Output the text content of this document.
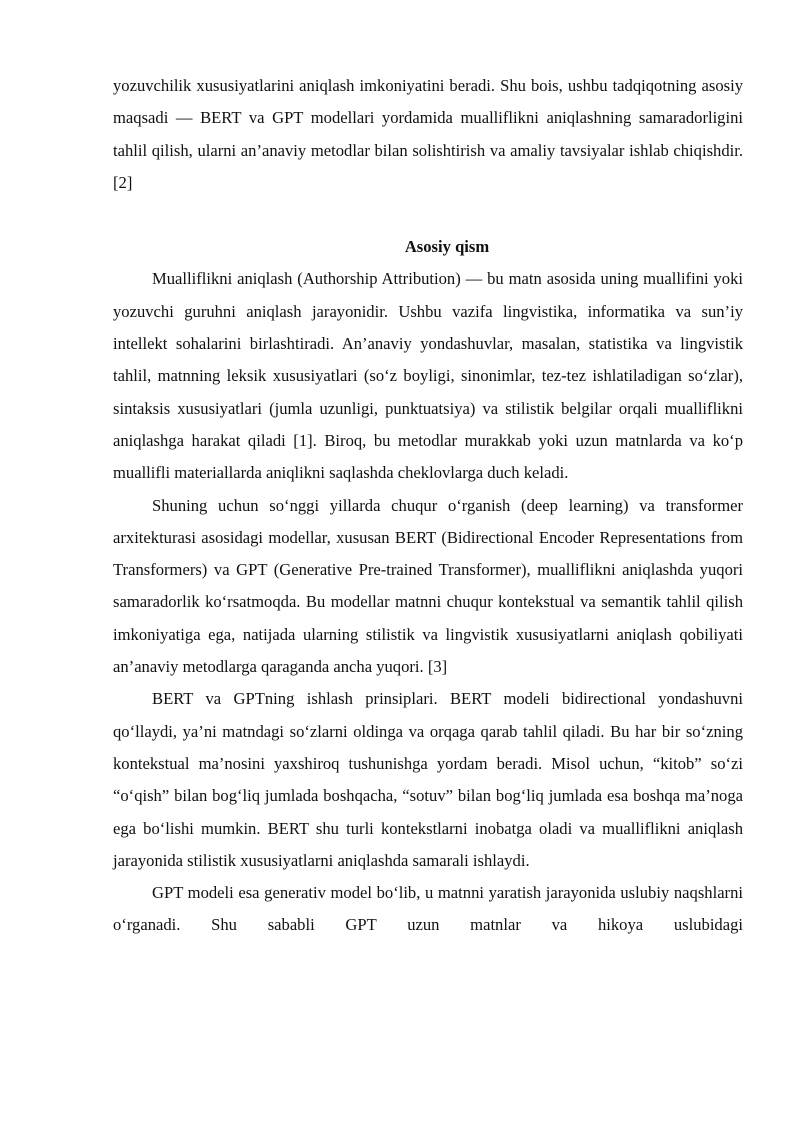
yozuvchilik xususiyatlarini aniqlash imkoniyatini beradi. Shu bois, ushbu tadqiqotning asosiy maqsadi — BERT va GPT modellari yordamida mualliflikni aniqlashning samaradorligini tahlil qilish, ularni an’anaviy metodlar bilan solishtirish va amaliy tavsiyalar ishlab chiqishdir. [2]

Asosiy qism

Mualliflikni aniqlash (Authorship Attribution) — bu matn asosida uning muallifini yoki yozuvchi guruhni aniqlash jarayonidir. Ushbu vazifa lingvistika, informatika va sun’iy intellekt sohalarini birlashtiradi. An’anaviy yondashuvlar, masalan, statistika va lingvistik tahlil, matnning leksik xususiyatlari (so‘z boyligi, sinonimlar, tez-tez ishlatiladigan so‘zlar), sintaksis xususiyatlari (jumla uzunligi, punktuatsiya) va stilistik belgilar orqali mualliflikni aniqlashga harakat qiladi [1]. Biroq, bu metodlar murakkab yoki uzun matnlarda va ko‘p muallifli materiallarda aniqlikni saqlashda cheklovlarga duch keladi.

Shuning uchun so‘nggi yillarda chuqur o‘rganish (deep learning) va transformer arxitekturasi asosidagi modellar, xususan BERT (Bidirectional Encoder Representations from Transformers) va GPT (Generative Pre-trained Transformer), mualliflikni aniqlashda yuqori samaradorlik ko‘rsatmoqda. Bu modellar matnni chuqur kontekstual va semantik tahlil qilish imkoniyatiga ega, natijada ularning stilistik va lingvistik xususiyatlarni aniqlash qobiliyati an’anaviy metodlarga qaraganda ancha yuqori. [3]

BERT va GPTning ishlash prinsiplari. BERT modeli bidirectional yondashuvni qo‘llaydi, ya’ni matndagi so‘zlarni oldinga va orqaga qarab tahlil qiladi. Bu har bir so‘zning kontekstual ma’nosini yaxshiroq tushunishga yordam beradi. Misol uchun, “kitob” so‘zi “o‘qish” bilan bog‘liq jumlada boshqacha, “sotuv” bilan bog‘liq jumlada esa boshqa ma’noga ega bo‘lishi mumkin. BERT shu turli kontekstlarni inobatga oladi va mualliflikni aniqlash jarayonida stilistik xususiyatlarni aniqlashda samarali ishlaydi.

GPT modeli esa generativ model bo‘lib, u matnni yaratish jarayonida uslubiy naqshlarni o‘rganadi. Shu sababli GPT uzun matnlar va hikoya uslubidagi
